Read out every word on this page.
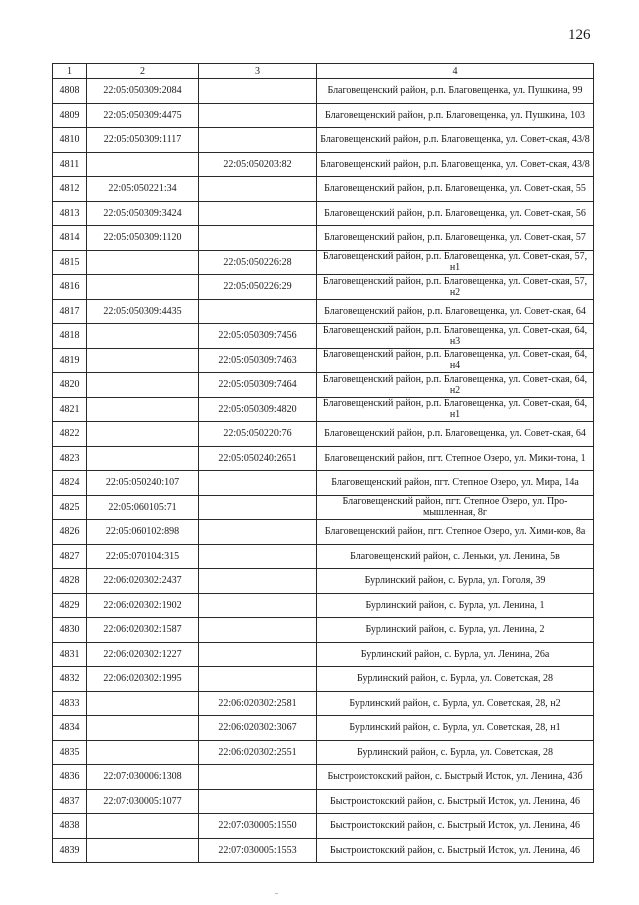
126
1	2	3	4
4808	22:05:050309:2084		Благовещенский район, р.п. Благовещенка, ул. Пушкина, 99
4809	22:05:050309:4475		Благовещенский район, р.п. Благовещенка, ул. Пушкина, 103
4810	22:05:050309:1117		Благовещенский район, р.п. Благовещенка, ул. Совет-ская, 43/8
4811		22:05:050203:82	Благовещенский район, р.п. Благовещенка, ул. Совет-ская, 43/8
4812	22:05:050221:34		Благовещенский район, р.п. Благовещенка, ул. Совет-ская, 55
4813	22:05:050309:3424		Благовещенский район, р.п. Благовещенка, ул. Совет-ская, 56
4814	22:05:050309:1120		Благовещенский район, р.п. Благовещенка, ул. Совет-ская, 57
4815		22:05:050226:28	Благовещенский район, р.п. Благовещенка, ул. Совет-ская, 57, н1
4816		22:05:050226:29	Благовещенский район, р.п. Благовещенка, ул. Совет-ская, 57, н2
4817	22:05:050309:4435		Благовещенский район, р.п. Благовещенка, ул. Совет-ская, 64
4818		22:05:050309:7456	Благовещенский район, р.п. Благовещенка, ул. Совет-ская, 64, н3
4819		22:05:050309:7463	Благовещенский район, р.п. Благовещенка, ул. Совет-ская, 64, н4
4820		22:05:050309:7464	Благовещенский район, р.п. Благовещенка, ул. Совет-ская, 64, н2
4821		22:05:050309:4820	Благовещенский район, р.п. Благовещенка, ул. Совет-ская, 64, н1
4822		22:05:050220:76	Благовещенский район, р.п. Благовещенка, ул. Совет-ская, 64
4823		22:05:050240:2651	Благовещенский район, пгт. Степное Озеро, ул. Мики-тона, 1
4824	22:05:050240:107		Благовещенский район, пгт. Степное Озеро, ул. Мира, 14а
4825	22:05:060105:71		Благовещенский район, пгт. Степное Озеро, ул. Про-мышленная, 8г
4826	22:05:060102:898		Благовещенский район, пгт. Степное Озеро, ул. Хими-ков, 8а
4827	22:05:070104:315		Благовещенский район, с. Леньки, ул. Ленина, 5в
4828	22:06:020302:2437		Бурлинский район, с. Бурла, ул. Гоголя, 39
4829	22:06:020302:1902		Бурлинский район, с. Бурла, ул. Ленина, 1
4830	22:06:020302:1587		Бурлинский район, с. Бурла, ул. Ленина, 2
4831	22:06:020302:1227		Бурлинский район, с. Бурла, ул. Ленина, 26а
4832	22:06:020302:1995		Бурлинский район, с. Бурла, ул. Советская, 28
4833		22:06:020302:2581	Бурлинский район, с. Бурла, ул. Советская, 28, н2
4834		22:06:020302:3067	Бурлинский район, с. Бурла, ул. Советская, 28, н1
4835		22:06:020302:2551	Бурлинский район, с. Бурла, ул. Советская, 28
4836	22:07:030006:1308		Быстроистокский район, с. Быстрый Исток, ул. Ленина, 43б
4837	22:07:030005:1077		Быстроистокский район, с. Быстрый Исток, ул. Ленина, 46
4838		22:07:030005:1550	Быстроистокский район, с. Быстрый Исток, ул. Ленина, 46
4839		22:07:030005:1553	Быстроистокский район, с. Быстрый Исток, ул. Ленина, 46
